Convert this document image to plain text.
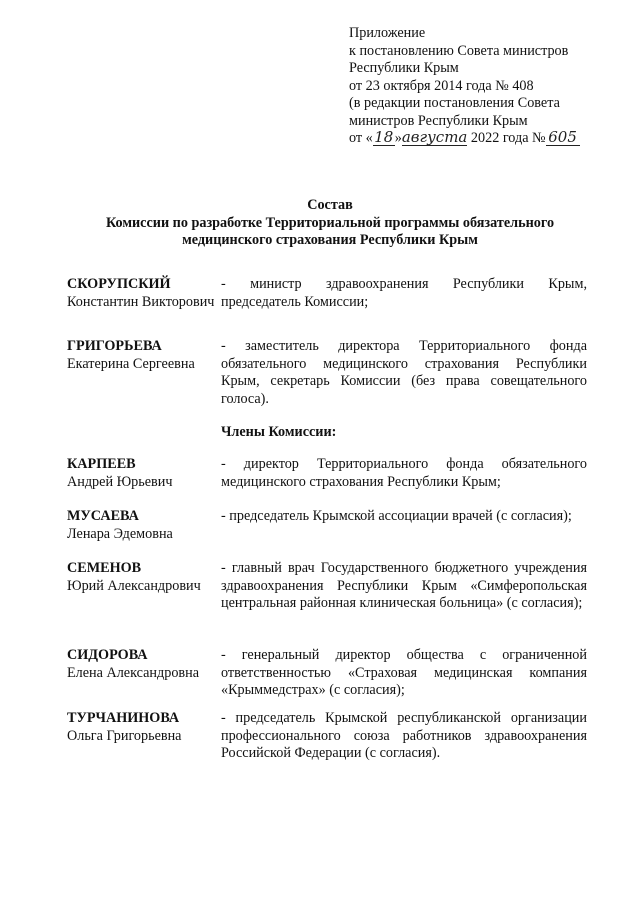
Приложение
к постановлению Совета министров
Республики Крым
от 23 октября 2014 года № 408
(в редакции постановления Совета
министров Республики Крым
от «18»августа 2022 года № 605
Состав
Комиссии по разработке Территориальной программы обязательного
медицинского страхования Республики Крым
СКОРУПСКИЙ
Константин Викторович
- министр здравоохранения Республики Крым, председатель Комиссии;
ГРИГОРЬЕВА
Екатерина Сергеевна
- заместитель директора Территориального фонда обязательного медицинского страхования Республики Крым, секретарь Комиссии (без права совещательного голоса).
Члены Комиссии:
КАРПЕЕВ
Андрей Юрьевич
- директор Территориального фонда обязательного медицинского страхования Республики Крым;
МУСАЕВА
Ленара Эдемовна
- председатель Крымской ассоциации врачей (с согласия);
СЕМЕНОВ
Юрий Александрович
- главный врач Государственного бюджетного учреждения здравоохранения Республики Крым «Симферопольская центральная районная клиническая больница» (с согласия);
СИДОРОВА
Елена Александровна
- генеральный директор общества с ограниченной ответственностью «Страховая медицинская компания «Крыммедстрах» (с согласия);
ТУРЧАНИНОВА
Ольга Григорьевна
- председатель Крымской республиканской организации профессионального союза работников здравоохранения Российской Федерации (с согласия).
